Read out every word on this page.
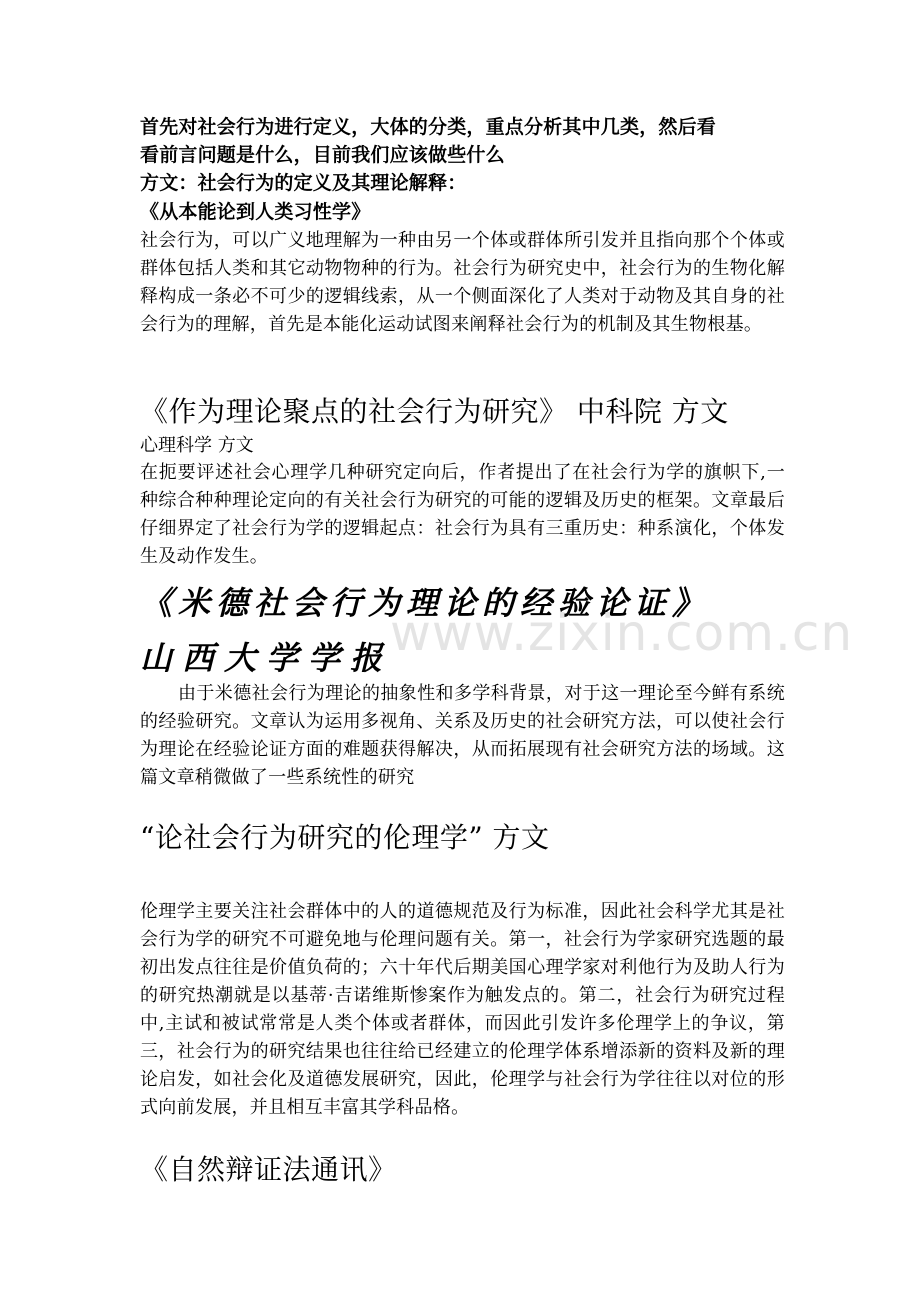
首先对社会行为进行定义，大体的分类，重点分析其中几类，然后看
看前言问题是什么，目前我们应该做些什么
方文：社会行为的定义及其理论解释：
《从本能论到人类习性学》
社会行为，可以广义地理解为一种由另一个体或群体所引发并且指向那个个体或群体包括人类和其它动物物种的行为。社会行为研究史中，社会行为的生物化解释构成一条必不可少的逻辑线索，从一个侧面深化了人类对于动物及其自身的社会行为的理解，首先是本能化运动试图来阐释社会行为的机制及其生物根基。
《作为理论聚点的社会行为研究》 中科院 方文
心理科学 方文
在扼要评述社会心理学几种研究定向后，作者提出了在社会行为学的旗帜下,一种综合种种理论定向的有关社会行为研究的可能的逻辑及历史的框架。文章最后仔细界定了社会行为学的逻辑起点：社会行为具有三重历史：种系演化，个体发生及动作发生。
《米德社会行为理论的经验论证》
山西大学学报
由于米德社会行为理论的抽象性和多学科背景，对于这一理论至今鲜有系统的经验研究。文章认为运用多视角、关系及历史的社会研究方法，可以使社会行为理论在经验论证方面的难题获得解决，从而拓展现有社会研究方法的场域。这篇文章稍微做了一些系统性的研究
“论社会行为研究的伦理学” 方文
伦理学主要关注社会群体中的人的道德规范及行为标准，因此社会科学尤其是社会行为学的研究不可避免地与伦理问题有关。第一，社会行为学家研究选题的最初出发点往往是价值负荷的；六十年代后期美国心理学家对利他行为及助人行为的研究热潮就是以基蒂·吉诺维斯惨案作为触发点的。第二，社会行为研究过程中,主试和被试常常是人类个体或者群体，而因此引发许多伦理学上的争议，第三，社会行为的研究结果也往往给已经建立的伦理学体系增添新的资料及新的理论启发，如社会化及道德发展研究，因此，伦理学与社会行为学往往以对位的形式向前发展，并且相互丰富其学科品格。
《自然辩证法通讯》
www.zixin.com.cn
